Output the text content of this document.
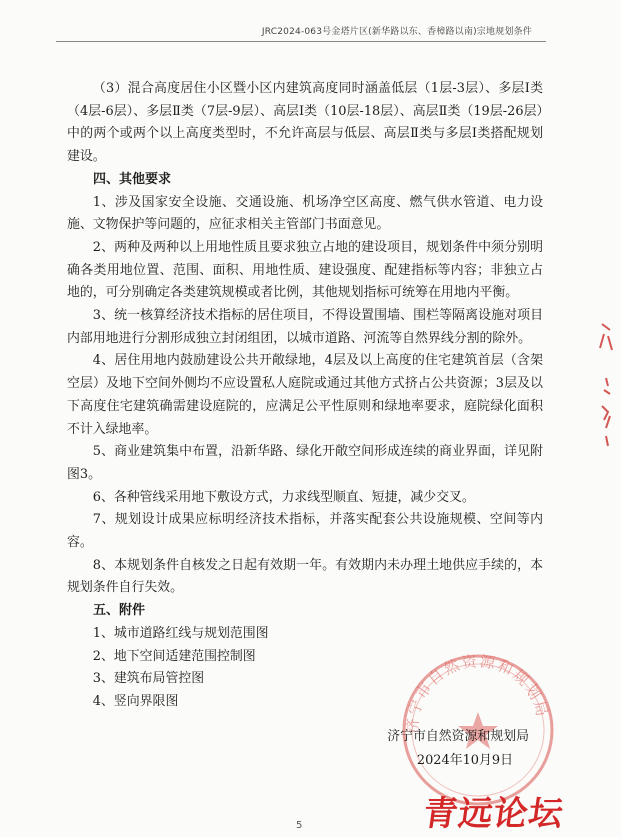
JRC2024-063号金塔片区(新华路以东、香樟路以南)宗地规划条件

（3）混合高度居住小区暨小区内建筑高度同时涵盖低层（1层-3层）、多层Ⅰ类（4层-6层）、多层Ⅱ类（7层-9层）、高层Ⅰ类（10层-18层）、高层Ⅱ类（19层-26层）中的两个或两个以上高度类型时，不允许高层与低层、高层Ⅱ类与多层Ⅰ类搭配规划建设。

四、其他要求

1、涉及国家安全设施、交通设施、机场净空区高度、燃气供水管道、电力设施、文物保护等问题的，应征求相关主管部门书面意见。

2、两种及两种以上用地性质且要求独立占地的建设项目，规划条件中须分别明确各类用地位置、范围、面积、用地性质、建设强度、配建指标等内容；非独立占地的，可分别确定各类建筑规模或者比例，其他规划指标可统筹在用地内平衡。

3、统一核算经济技术指标的居住项目，不得设置围墙、围栏等隔离设施对项目内部用地进行分割形成独立封闭组团，以城市道路、河流等自然界线分割的除外。

4、居住用地内鼓励建设公共开敞绿地，4层及以上高度的住宅建筑首层（含架空层）及地下空间外侧均不应设置私人庭院或通过其他方式挤占公共资源；3层及以下高度住宅建筑确需建设庭院的，应满足公平性原则和绿地率要求，庭院绿化面积不计入绿地率。

5、商业建筑集中布置，沿新华路、绿化开敞空间形成连续的商业界面，详见附图3。

6、各种管线采用地下敷设方式，力求线型顺直、短捷，减少交叉。

7、规划设计成果应标明经济技术指标，并落实配套公共设施规模、空间等内容。

8、本规划条件自核发之日起有效期一年。有效期内未办理土地供应手续的，本规划条件自行失效。

五、附件

1、城市道路红线与规划范围图

2、地下空间适建范围控制图

3、建筑布局管控图

4、竖向界限图

济宁市自然资源和规划局
济宁市自然资源和规划局
2024年10月9日
5	青远论坛
